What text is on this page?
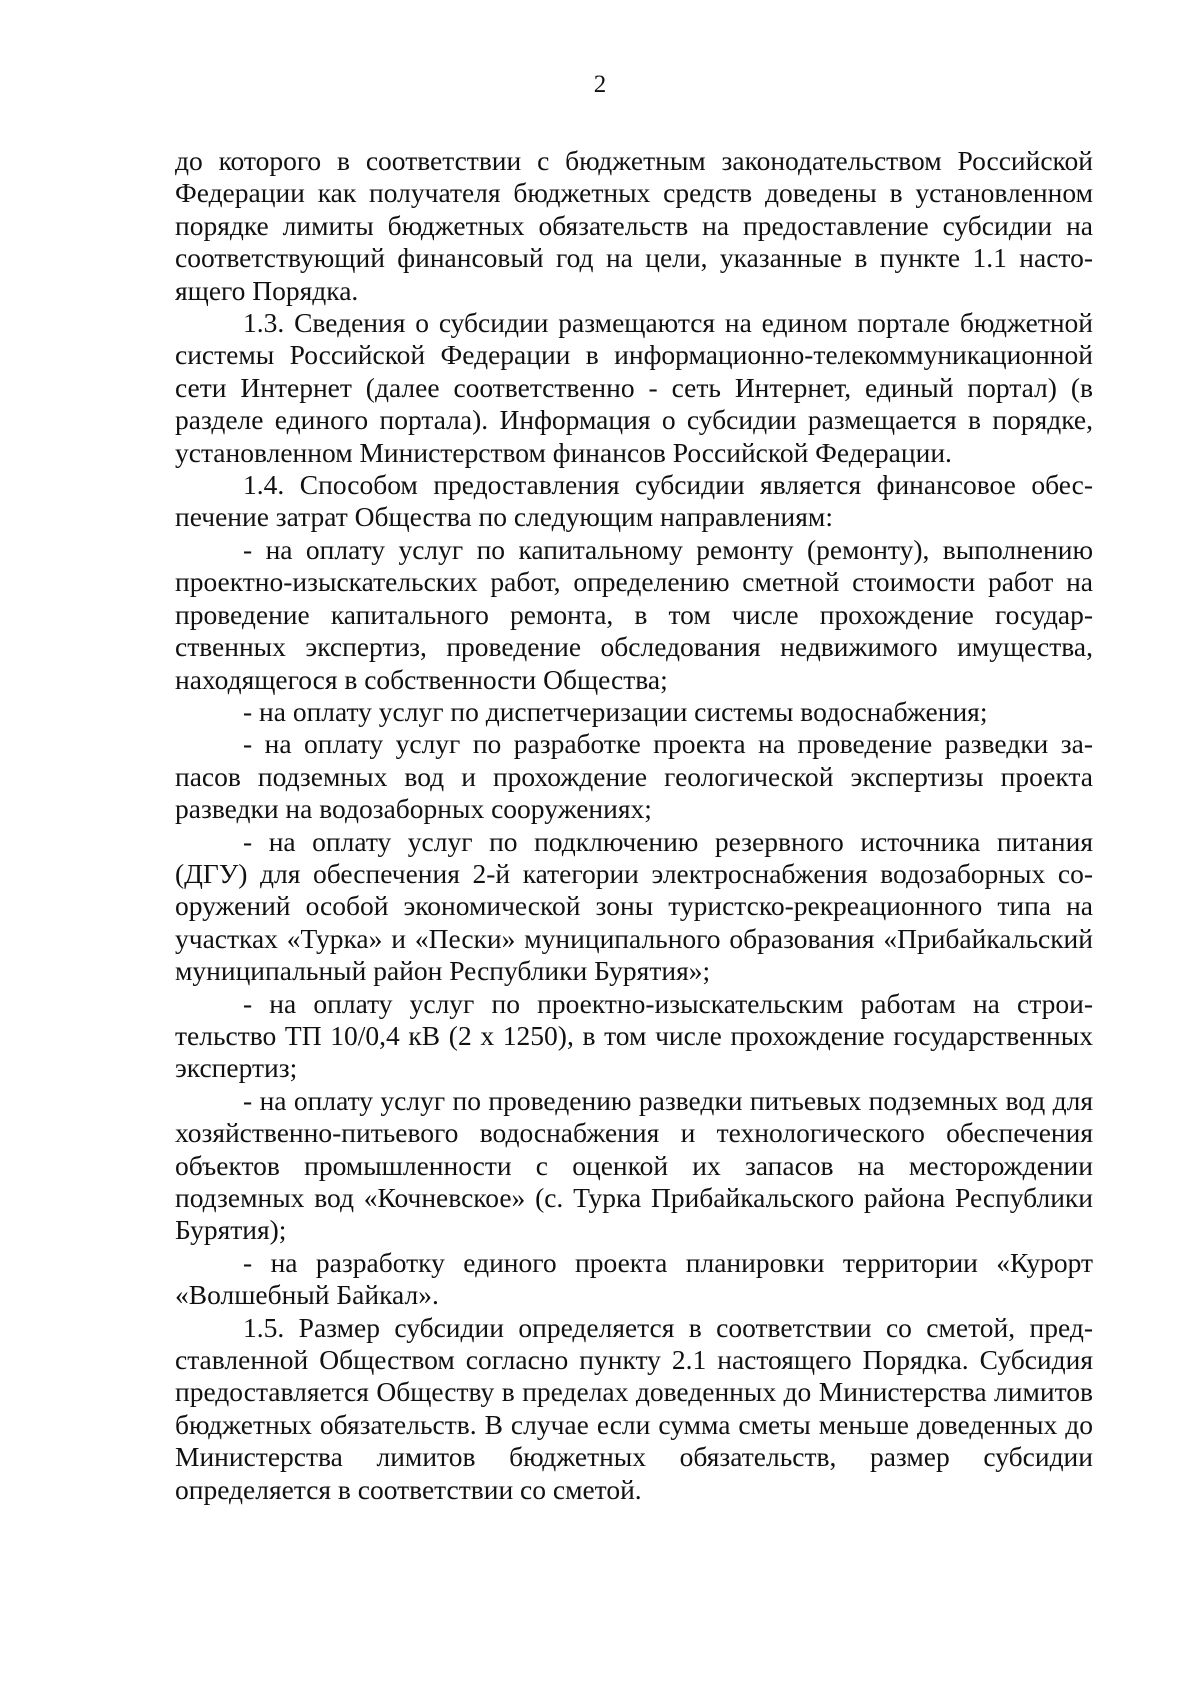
2

до которого в соответствии с бюджетным законодательством Российской Федерации как получателя бюджетных средств доведены в установленном порядке лимиты бюджетных обязательств на предоставление субсидии на соответствующий финансовый год на цели, указанные в пункте 1.1 настоящего Порядка.

1.3. Сведения о субсидии размещаются на едином портале бюджетной системы Российской Федерации в информационно-телекоммуникационной сети Интернет (далее соответственно - сеть Интернет, единый портал) (в разделе единого портала). Информация о субсидии размещается в порядке, установленном Министерством финансов Российской Федерации.

1.4. Способом предоставления субсидии является финансовое обеспечение затрат Общества по следующим направлениям:

- на оплату услуг по капитальному ремонту (ремонту), выполнению проектно-изыскательских работ, определению сметной стоимости работ на проведение капитального ремонта, в том числе прохождение государственных экспертиз, проведение обследования недвижимого имущества, находящегося в собственности Общества;

- на оплату услуг по диспетчеризации системы водоснабжения;

- на оплату услуг по разработке проекта на проведение разведки запасов подземных вод и прохождение геологической экспертизы проекта разведки на водозаборных сооружениях;

- на оплату услуг по подключению резервного источника питания (ДГУ) для обеспечения 2-й категории электроснабжения водозаборных сооружений особой экономической зоны туристско-рекреационного типа на участках «Турка» и «Пески» муниципального образования «Прибайкальский муниципальный район Республики Бурятия»;

- на оплату услуг по проектно-изыскательским работам на строительство ТП 10/0,4 кВ (2 х 1250), в том числе прохождение государственных экспертиз;

- на оплату услуг по проведению разведки питьевых подземных вод для хозяйственно-питьевого водоснабжения и технологического обеспечения объектов промышленности с оценкой их запасов на месторождении подземных вод «Кочневское» (с. Турка Прибайкальского района Республики Бурятия);

- на разработку единого проекта планировки территории «Курорт «Волшебный Байкал».

1.5. Размер субсидии определяется в соответствии со сметой, представленной Обществом согласно пункту 2.1 настоящего Порядка. Субсидия предоставляется Обществу в пределах доведенных до Министерства лимитов бюджетных обязательств. В случае если сумма сметы меньше доведенных до Министерства лимитов бюджетных обязательств, размер субсидии определяется в соответствии со сметой.
